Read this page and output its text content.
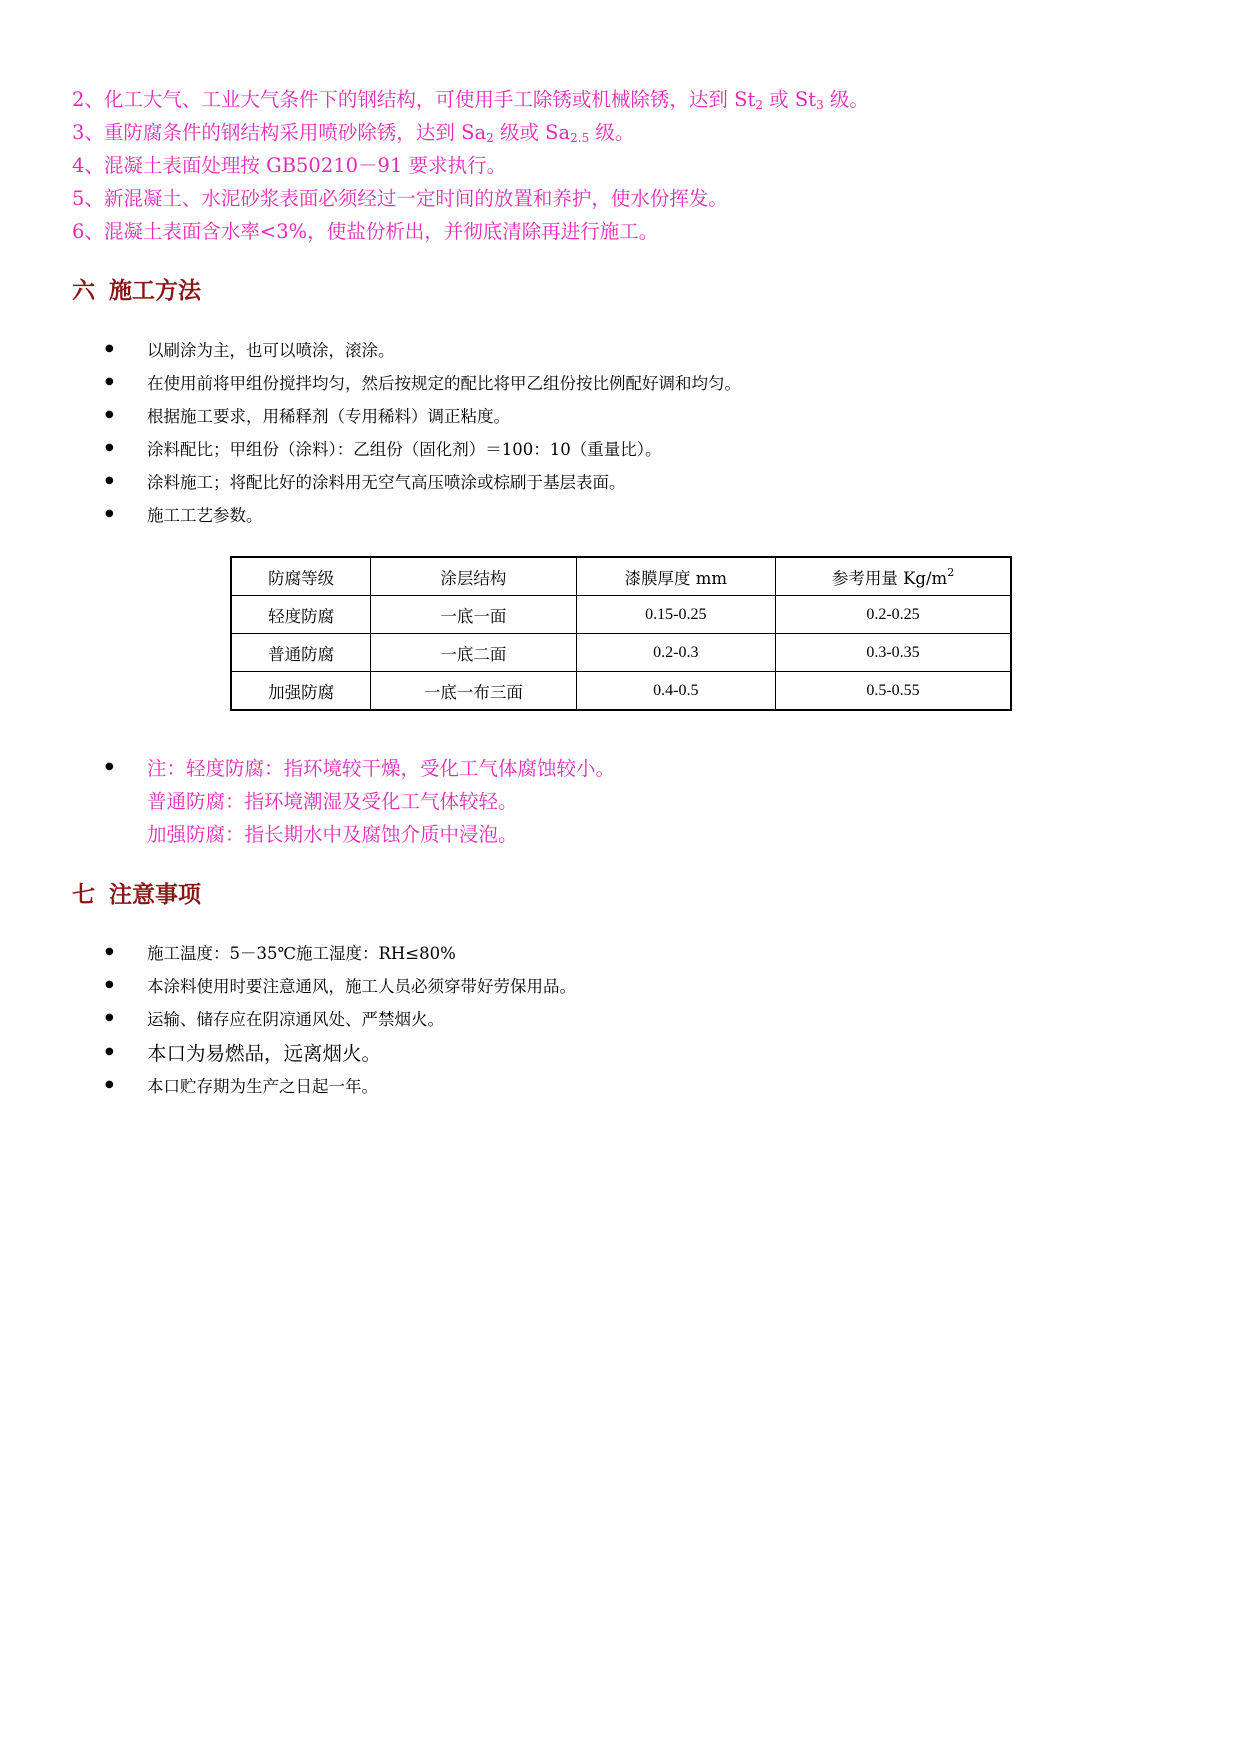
2、化工大气、工业大气条件下的钢结构，可使用手工除锈或机械除锈，达到 $St_2$ 或 $St_3$ 级。
3、重防腐条件的钢结构采用喷砂除锈，达到 $Sa_2$ 级或 $Sa_{2.5}$ 级。
4、混凝土表面处理按 GB50210－91 要求执行。
5、新混凝土、水泥砂浆表面必须经过一定时间的放置和养护，使水份挥发。
6、混凝土表面含水率<3%，使盐份析出，并彻底清除再进行施工。
六 施工方法
● 以刷涂为主，也可以喷涂，滚涂。
● 在使用前将甲组份搅拌均匀，然后按规定的配比将甲乙组份按比例配好调和均匀。
● 根据施工要求，用稀释剂（专用稀料）调正粘度。
● 涂料配比；甲组份（涂料）：乙组份（固化剂）＝100：10（重量比）。
● 涂料施工；将配比好的涂料用无空气高压喷涂或棕刷于基层表面。
● 施工工艺参数。
防腐等级	涂层结构	漆膜厚度 mm	参考用量 $Kg/m^2$
轻度防腐	一底一面	0.15-0.25	0.2-0.25
普通防腐	一底二面	0.2-0.3	0.3-0.35
加强防腐	一底一布三面	0.4-0.5	0.5-0.55
● 注：轻度防腐：指环境较干燥，受化工气体腐蚀较小。
普通防腐：指环境潮湿及受化工气体较轻。
加强防腐：指长期水中及腐蚀介质中浸泡。
七 注意事项
● 施工温度：5－35℃施工湿度：RH≤80%
● 本涂料使用时要注意通风，施工人员必须穿带好劳保用品。
● 运输、储存应在阴凉通风处、严禁烟火。
● 本口为易燃品，远离烟火。
● 本口贮存期为生产之日起一年。
